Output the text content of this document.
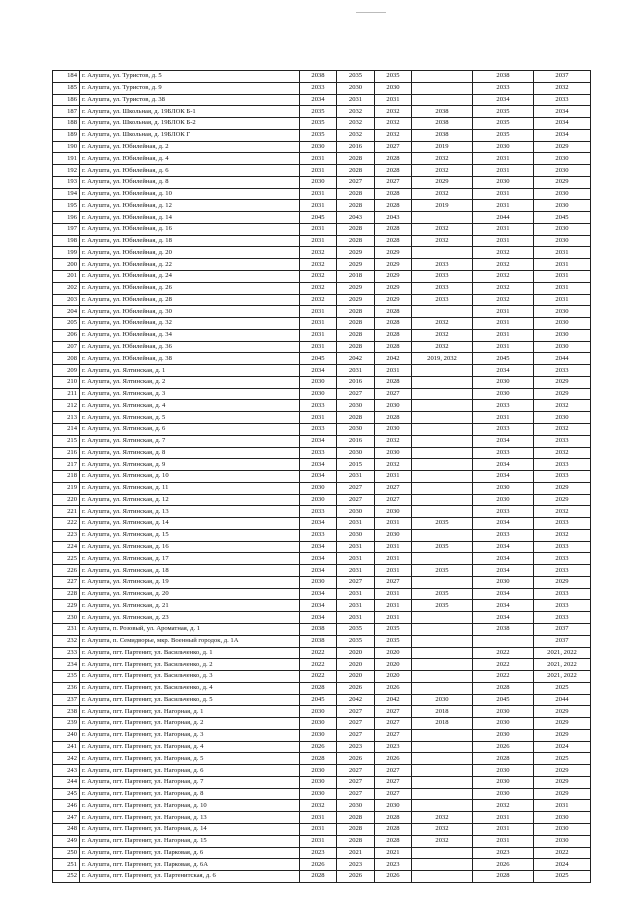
184	г. Алушта, ул. Туристов, д. 5	2038	2035	2035		2038	2037
185	г. Алушта, ул. Туристов, д. 9	2033	2030	2030		2033	2032
186	г. Алушта, ул. Туристов, д. 38	2034	2031	2031		2034	2033
187	г. Алушта, ул. Школьная, д. 19БЛОК Б-1	2035	2032	2032	2038	2035	2034
188	г. Алушта, ул. Школьная, д. 19БЛОК Б-2	2035	2032	2032	2038	2035	2034
189	г. Алушта, ул. Школьная, д. 19БЛОК Г	2035	2032	2032	2038	2035	2034
190	г. Алушта, ул. Юбилейная, д. 2	2030	2016	2027	2019	2030	2029
191	г. Алушта, ул. Юбилейная, д. 4	2031	2028	2028	2032	2031	2030
192	г. Алушта, ул. Юбилейная, д. 6	2031	2028	2028	2032	2031	2030
193	г. Алушта, ул. Юбилейная, д. 8	2030	2027	2027	2029	2030	2029
194	г. Алушта, ул. Юбилейная, д. 10	2031	2028	2028	2032	2031	2030
195	г. Алушта, ул. Юбилейная, д. 12	2031	2028	2028	2019	2031	2030
196	г. Алушта, ул. Юбилейная, д. 14	2045	2043	2043		2044	2045
197	г. Алушта, ул. Юбилейная, д. 16	2031	2028	2028	2032	2031	2030
198	г. Алушта, ул. Юбилейная, д. 18	2031	2028	2028	2032	2031	2030
199	г. Алушта, ул. Юбилейная, д. 20	2032	2029	2029		2032	2031
200	г. Алушта, ул. Юбилейная, д. 22	2032	2029	2029	2033	2032	2031
201	г. Алушта, ул. Юбилейная, д. 24	2032	2018	2029	2033	2032	2031
202	г. Алушта, ул. Юбилейная, д. 26	2032	2029	2029	2033	2032	2031
203	г. Алушта, ул. Юбилейная, д. 28	2032	2029	2029	2033	2032	2031
204	г. Алушта, ул. Юбилейная, д. 30	2031	2028	2028		2031	2030
205	г. Алушта, ул. Юбилейная, д. 32	2031	2028	2028	2032	2031	2030
206	г. Алушта, ул. Юбилейная, д. 34	2031	2028	2028	2032	2031	2030
207	г. Алушта, ул. Юбилейная, д. 36	2031	2028	2028	2032	2031	2030
208	г. Алушта, ул. Юбилейная, д. 38	2045	2042	2042	2019, 2032	2045	2044
209	г. Алушта, ул. Ялтинская, д. 1	2034	2031	2031		2034	2033
210	г. Алушта, ул. Ялтинская, д. 2	2030	2016	2028		2030	2029
211	г. Алушта, ул. Ялтинская, д. 3	2030	2027	2027		2030	2029
212	г. Алушта, ул. Ялтинская, д. 4	2033	2030	2030		2033	2032
213	г. Алушта, ул. Ялтинская, д. 5	2031	2028	2028		2031	2030
214	г. Алушта, ул. Ялтинская, д. 6	2033	2030	2030		2033	2032
215	г. Алушта, ул. Ялтинская, д. 7	2034	2016	2032		2034	2033
216	г. Алушта, ул. Ялтинская, д. 8	2033	2030	2030		2033	2032
217	г. Алушта, ул. Ялтинская, д. 9	2034	2015	2032		2034	2033
218	г. Алушта, ул. Ялтинская, д. 10	2034	2031	2031		2034	2033
219	г. Алушта, ул. Ялтинская, д. 11	2030	2027	2027		2030	2029
220	г. Алушта, ул. Ялтинская, д. 12	2030	2027	2027		2030	2029
221	г. Алушта, ул. Ялтинская, д. 13	2033	2030	2030		2033	2032
222	г. Алушта, ул. Ялтинская, д. 14	2034	2031	2031	2035	2034	2033
223	г. Алушта, ул. Ялтинская, д. 15	2033	2030	2030		2033	2032
224	г. Алушта, ул. Ялтинская, д. 16	2034	2031	2031	2035	2034	2033
225	г. Алушта, ул. Ялтинская, д. 17	2034	2031	2031		2034	2033
226	г. Алушта, ул. Ялтинская, д. 18	2034	2031	2031	2035	2034	2033
227	г. Алушта, ул. Ялтинская, д. 19	2030	2027	2027		2030	2029
228	г. Алушта, ул. Ялтинская, д. 20	2034	2031	2031	2035	2034	2033
229	г. Алушта, ул. Ялтинская, д. 21	2034	2031	2031	2035	2034	2033
230	г. Алушта, ул. Ялтинская, д. 23	2034	2031	2031		2034	2033
231	г. Алушта, п. Розовый, ул. Ароматная, д. 1	2038	2035	2035		2038	2037
232	г. Алушта, п. Семидворье, мкр. Военный городок, д. 1А	2038	2035	2035			2037
233	г. Алушта, пгт. Партенит, ул. Васильченко, д. 1	2022	2020	2020		2022	2021, 2022
234	г. Алушта, пгт. Партенит, ул. Васильченко, д. 2	2022	2020	2020		2022	2021, 2022
235	г. Алушта, пгт. Партенит, ул. Васильченко, д. 3	2022	2020	2020		2022	2021, 2022
236	г. Алушта, пгт. Партенит, ул. Васильченко, д. 4	2028	2026	2026		2028	2025
237	г. Алушта, пгт. Партенит, ул. Васильченко, д. 5	2045	2042	2042	2030	2045	2044
238	г. Алушта, пгт. Партенит, ул. Нагорная, д. 1	2030	2027	2027	2018	2030	2029
239	г. Алушта, пгт. Партенит, ул. Нагорная, д. 2	2030	2027	2027	2018	2030	2029
240	г. Алушта, пгт. Партенит, ул. Нагорная, д. 3	2030	2027	2027		2030	2029
241	г. Алушта, пгт. Партенит, ул. Нагорная, д. 4	2026	2023	2023		2026	2024
242	г. Алушта, пгт. Партенит, ул. Нагорная, д. 5	2028	2026	2026		2028	2025
243	г. Алушта, пгт. Партенит, ул. Нагорная, д. 6	2030	2027	2027		2030	2029
244	г. Алушта, пгт. Партенит, ул. Нагорная, д. 7	2030	2027	2027		2030	2029
245	г. Алушта, пгт. Партенит, ул. Нагорная, д. 8	2030	2027	2027		2030	2029
246	г. Алушта, пгт. Партенит, ул. Нагорная, д. 10	2032	2030	2030		2032	2031
247	г. Алушта, пгт. Партенит, ул. Нагорная, д. 13	2031	2028	2028	2032	2031	2030
248	г. Алушта, пгт. Партенит, ул. Нагорная, д. 14	2031	2028	2028	2032	2031	2030
249	г. Алушта, пгт. Партенит, ул. Нагорная, д. 15	2031	2028	2028	2032	2031	2030
250	г. Алушта, пгт. Партенит, ул. Парковая, д. 6	2023	2021	2021		2023	2022
251	г. Алушта, пгт. Партенит, ул. Парковая, д. 6А	2026	2023	2023		2026	2024
252	г. Алушта, пгт. Партенит, ул. Партенитская, д. 6	2028	2026	2026		2028	2025
